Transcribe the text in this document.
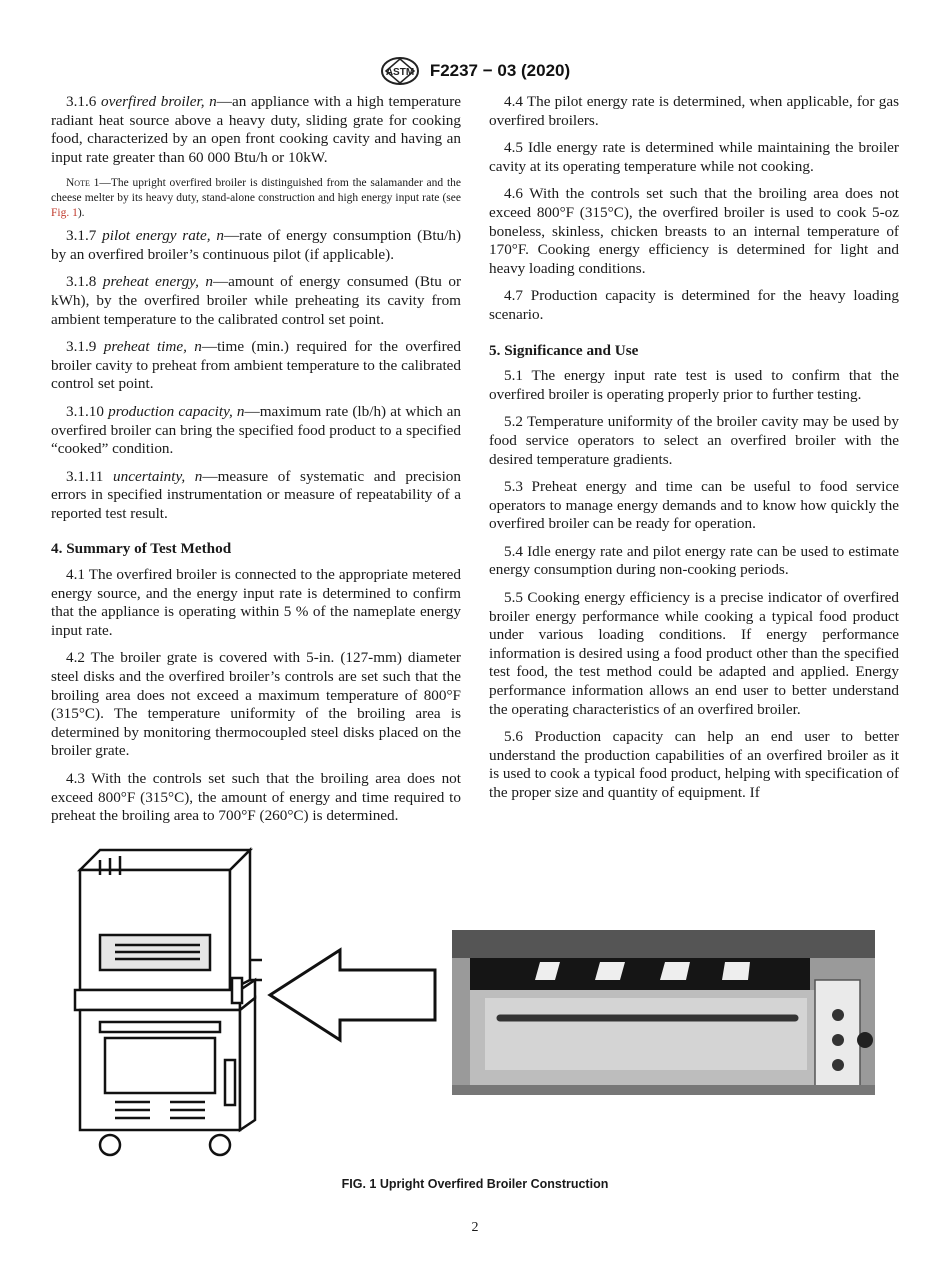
ASTM F2237 − 03 (2020)

3.1.6 overfired broiler, n—an appliance with a high temperature radiant heat source above a heavy duty, sliding grate for cooking food, characterized by an open front cooking cavity and having an input rate greater than 60 000 Btu/h or 10kW.

Note 1—The upright overfired broiler is distinguished from the salamander and the cheese melter by its heavy duty, stand-alone construction and high energy input rate (see Fig. 1).

3.1.7 pilot energy rate, n—rate of energy consumption (Btu/h) by an overfired broiler’s continuous pilot (if applicable).

3.1.8 preheat energy, n—amount of energy consumed (Btu or kWh), by the overfired broiler while preheating its cavity from ambient temperature to the calibrated control set point.

3.1.9 preheat time, n—time (min.) required for the overfired broiler cavity to preheat from ambient temperature to the calibrated control set point.

3.1.10 production capacity, n—maximum rate (lb/h) at which an overfired broiler can bring the specified food product to a specified “cooked” condition.

3.1.11 uncertainty, n—measure of systematic and precision errors in specified instrumentation or measure of repeatability of a reported test result.

4. Summary of Test Method

4.1 The overfired broiler is connected to the appropriate metered energy source, and the energy input rate is determined to confirm that the appliance is operating within 5 % of the nameplate energy input rate.

4.2 The broiler grate is covered with 5-in. (127-mm) diameter steel disks and the overfired broiler’s controls are set such that the broiling area does not exceed a maximum temperature of 800°F (315°C). The temperature uniformity of the broiling area is determined by monitoring thermocoupled steel disks placed on the broiler grate.

4.3 With the controls set such that the broiling area does not exceed 800°F (315°C), the amount of energy and time required to preheat the broiling area to 700°F (260°C) is determined.

4.4 The pilot energy rate is determined, when applicable, for gas overfired broilers.

4.5 Idle energy rate is determined while maintaining the broiler cavity at its operating temperature while not cooking.

4.6 With the controls set such that the broiling area does not exceed 800°F (315°C), the overfired broiler is used to cook 5-oz boneless, skinless, chicken breasts to an internal temperature of 170°F. Cooking energy efficiency is determined for light and heavy loading conditions.

4.7 Production capacity is determined for the heavy loading scenario.

5. Significance and Use

5.1 The energy input rate test is used to confirm that the overfired broiler is operating properly prior to further testing.

5.2 Temperature uniformity of the broiler cavity may be used by food service operators to select an overfired broiler with the desired temperature gradients.

5.3 Preheat energy and time can be useful to food service operators to manage energy demands and to know how quickly the overfired broiler can be ready for operation.

5.4 Idle energy rate and pilot energy rate can be used to estimate energy consumption during non-cooking periods.

5.5 Cooking energy efficiency is a precise indicator of overfired broiler energy performance while cooking a typical food product under various loading conditions. If energy performance information is desired using a food product other than the specified test food, the test method could be adapted and applied. Energy performance information allows an end user to better understand the operating characteristics of an overfired broiler.

5.6 Production capacity can help an end user to better understand the production capabilities of an overfired broiler as it is used to cook a typical food product, helping with specification of the proper size and quantity of equipment. If

FIG. 1 Upright Overfired Broiler Construction
2
